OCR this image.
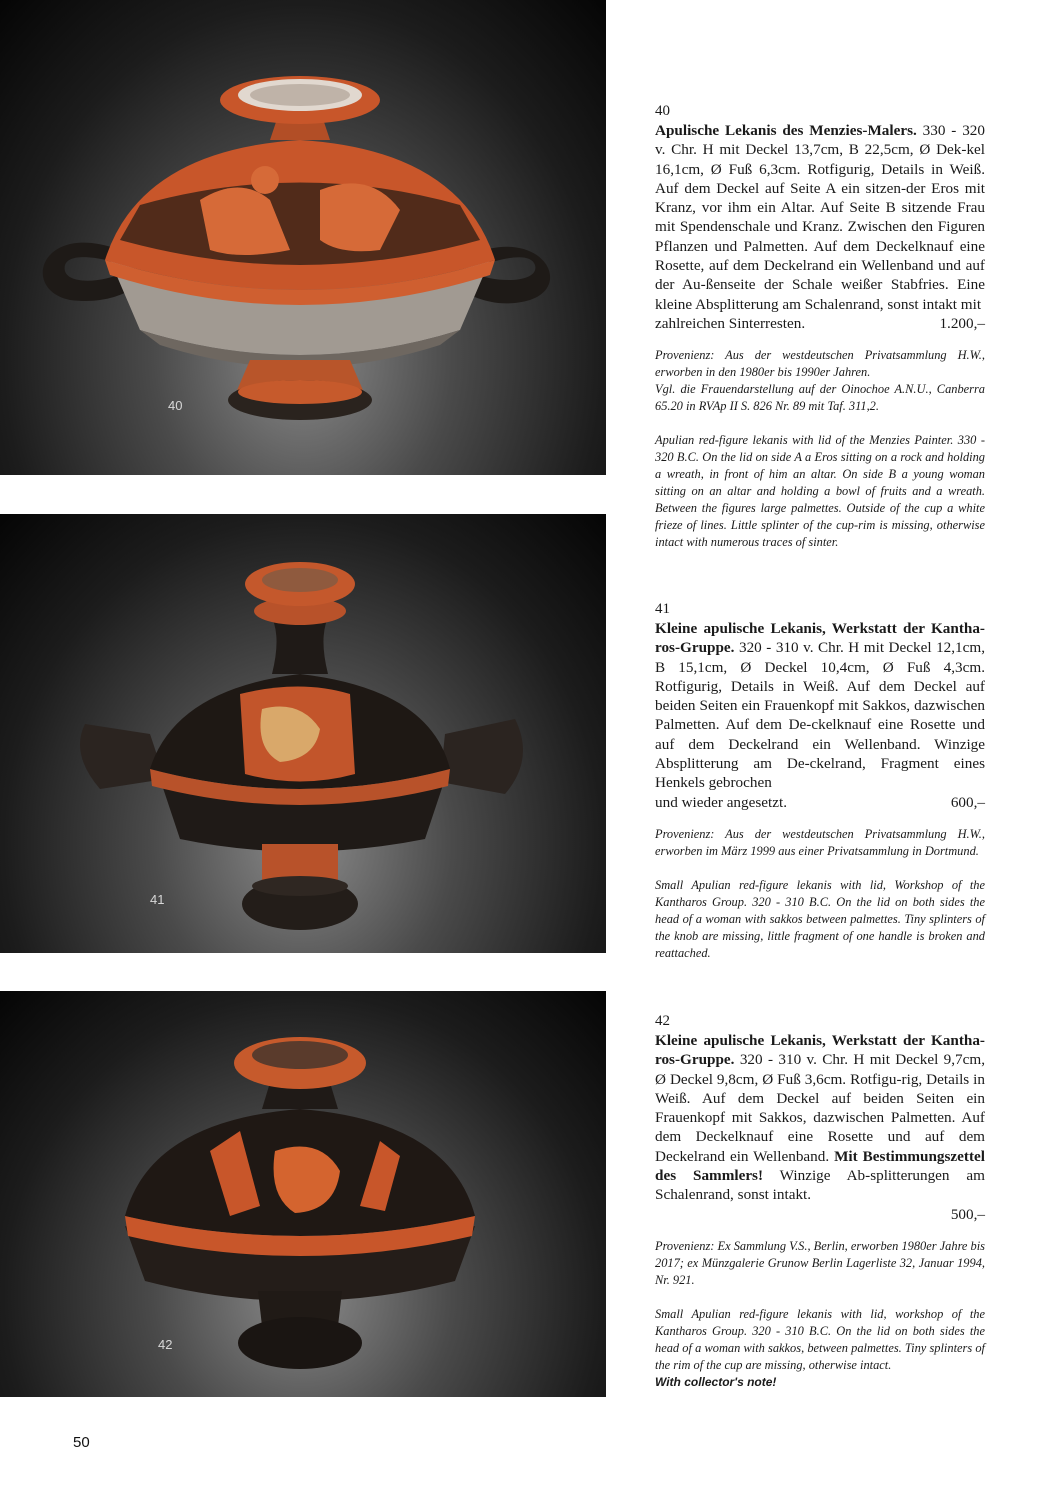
40
41
42
40
Apulische Lekanis des Menzies-Malers. 330 - 320 v. Chr. H mit Deckel 13,7cm, B 22,5cm, Ø Dek-kel 16,1cm, Ø Fuß 6,3cm. Rotfigurig, Details in Weiß. Auf dem Deckel auf Seite A ein sitzen-der Eros mit Kranz, vor ihm ein Altar. Auf Seite B sitzende Frau mit Spendenschale und Kranz. Zwischen den Figuren Pflanzen und Palmetten. Auf dem Deckelknauf eine Rosette, auf dem Deckelrand ein Wellenband und auf der Au-ßenseite der Schale weißer Stabfries. Eine kleine Absplitterung am Schalenrand, sonst intakt mit
zahlreichen Sinterresten.	1.200,–

Provenienz: Aus der westdeutschen Privatsammlung H.W., erworben in den 1980er bis 1990er Jahren.

Vgl. die Frauendarstellung auf der Oinochoe A.N.U., Canberra 65.20 in RVAp II S. 826 Nr. 89 mit Taf. 311,2.

Apulian red-figure lekanis with lid of the Menzies Painter. 330 - 320 B.C. On the lid on side A a Eros sitting on a rock and holding a wreath, in front of him an altar. On side B a young woman sitting on an altar and holding a bowl of fruits and a wreath. Between the figures large palmettes. Outside of the cup a white frieze of lines. Little splinter of the cup-rim is missing, otherwise intact with numerous traces of sinter.

41
Kleine apulische Lekanis, Werkstatt der Kantha-ros-Gruppe. 320 - 310 v. Chr. H mit Deckel 12,1cm, B 15,1cm, Ø Deckel 10,4cm, Ø Fuß 4,3cm. Rotfigurig, Details in Weiß. Auf dem Deckel auf beiden Seiten ein Frauenkopf mit Sakkos, dazwischen Palmetten. Auf dem De-ckelknauf eine Rosette und auf dem Deckelrand ein Wellenband. Winzige Absplitterung am De-ckelrand, Fragment eines Henkels gebrochen
und wieder angesetzt.	600,–

Provenienz: Aus der westdeutschen Privatsammlung H.W., erworben im März 1999 aus einer Privatsammlung in Dortmund.

Small Apulian red-figure lekanis with lid, Workshop of the Kantharos Group. 320 - 310 B.C. On the lid on both sides the head of a woman with sakkos between palmettes. Tiny splinters of the knob are missing, little fragment of one handle is broken and reattached.

42
Kleine apulische Lekanis, Werkstatt der Kantha-ros-Gruppe. 320 - 310 v. Chr. H mit Deckel 9,7cm, Ø Deckel 9,8cm, Ø Fuß 3,6cm. Rotfigu-rig, Details in Weiß. Auf dem Deckel auf beiden Seiten ein Frauenkopf mit Sakkos, dazwischen Palmetten. Auf dem Deckelknauf eine Rosette und auf dem Deckelrand ein Wellenband. Mit Bestimmungszettel des Sammlers! Winzige Ab-splitterungen am Schalenrand, sonst intakt.
500,–

Provenienz: Ex Sammlung V.S., Berlin, erworben 1980er Jahre bis 2017; ex Münzgalerie Grunow Berlin Lagerliste 32, Januar 1994, Nr. 921.

Small Apulian red-figure lekanis with lid, workshop of the Kantharos Group. 320 - 310 B.C. On the lid on both sides the head of a woman with sakkos, between palmettes. Tiny splinters of the rim of the cup are missing, otherwise intact.

With collector's note!

50
